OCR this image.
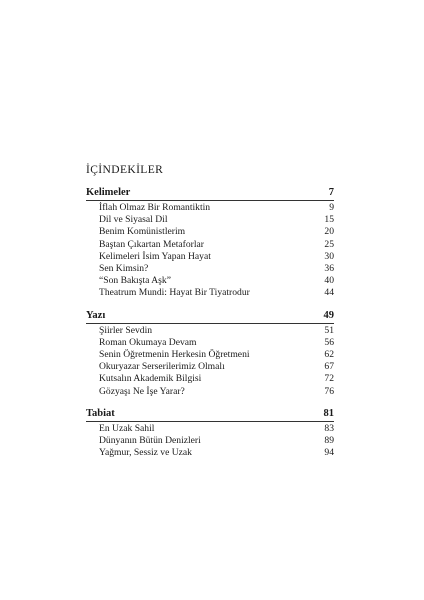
İÇİNDEKİLER
Kelimeler	7
İflah Olmaz Bir Romantiktin	9
Dil ve Siyasal Dil	15
Benim Komünistlerim	20
Baştan Çıkartan Metaforlar	25
Kelimeleri İsim Yapan Hayat	30
Sen Kimsin?	36
“Son Bakışta Aşk”	40
Theatrum Mundi: Hayat Bir Tiyatrodur	44
Yazı	49
Şiirler Sevdin	51
Roman Okumaya Devam	56
Senin Öğretmenin Herkesin Öğretmeni	62
Okuryazar Serserilerimiz Olmalı	67
Kutsalın Akademik Bilgisi	72
Gözyaşı Ne İşe Yarar?	76
Tabiat	81
En Uzak Sahil	83
Dünyanın Bütün Denizleri	89
Yağmur, Sessiz ve Uzak	94
